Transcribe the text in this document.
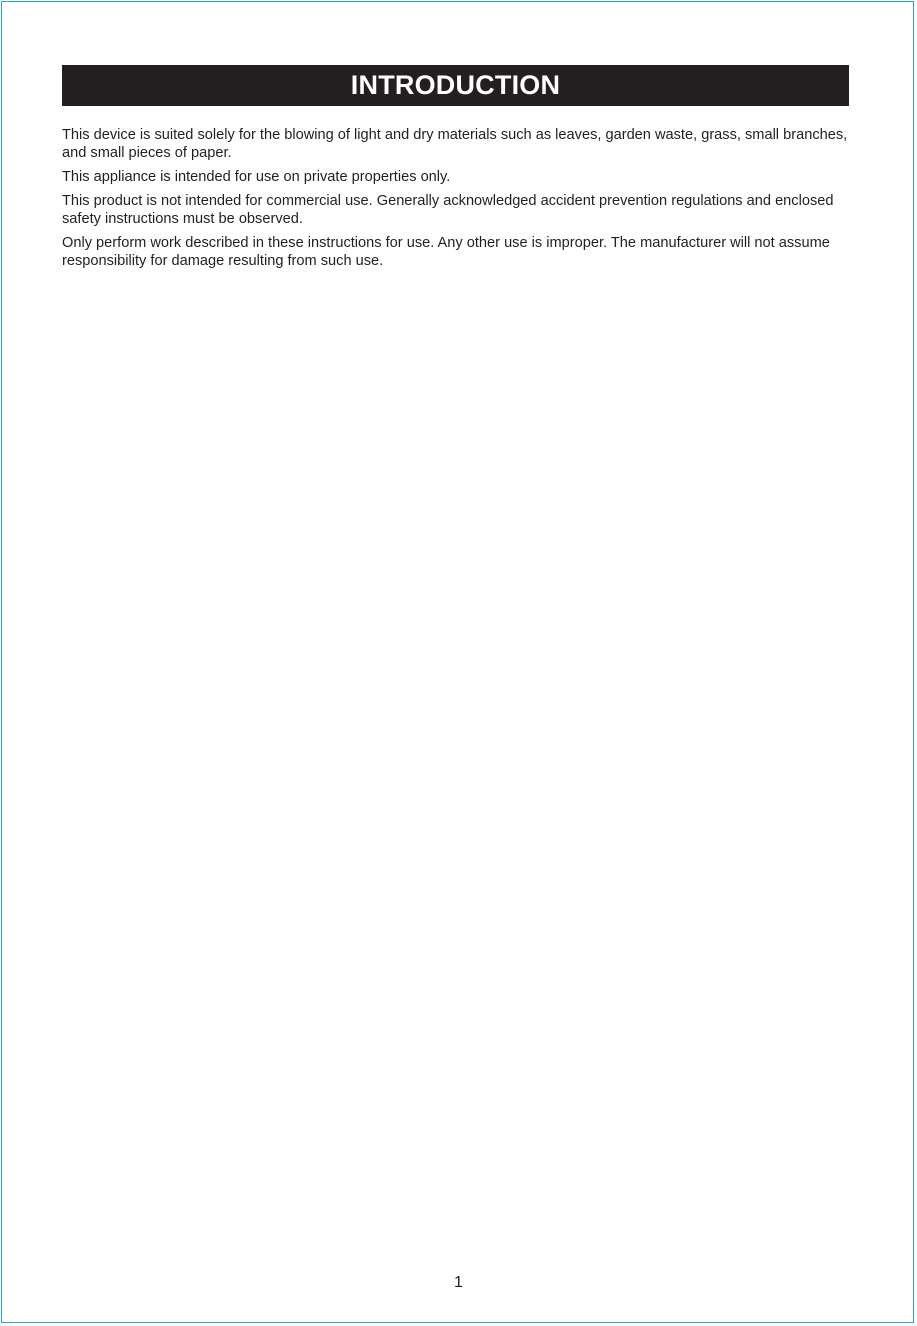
INTRODUCTION

This device is suited solely for the blowing of light and dry materials such as leaves, garden waste, grass, small branches, and small pieces of paper.

This appliance is intended for use on private properties only.

This product is not intended for commercial use. Generally acknowledged accident prevention regulations and enclosed safety instructions must be observed.

Only perform work described in these instructions for use. Any other use is improper. The manufacturer will not assume responsibility for damage resulting from such use.

1
